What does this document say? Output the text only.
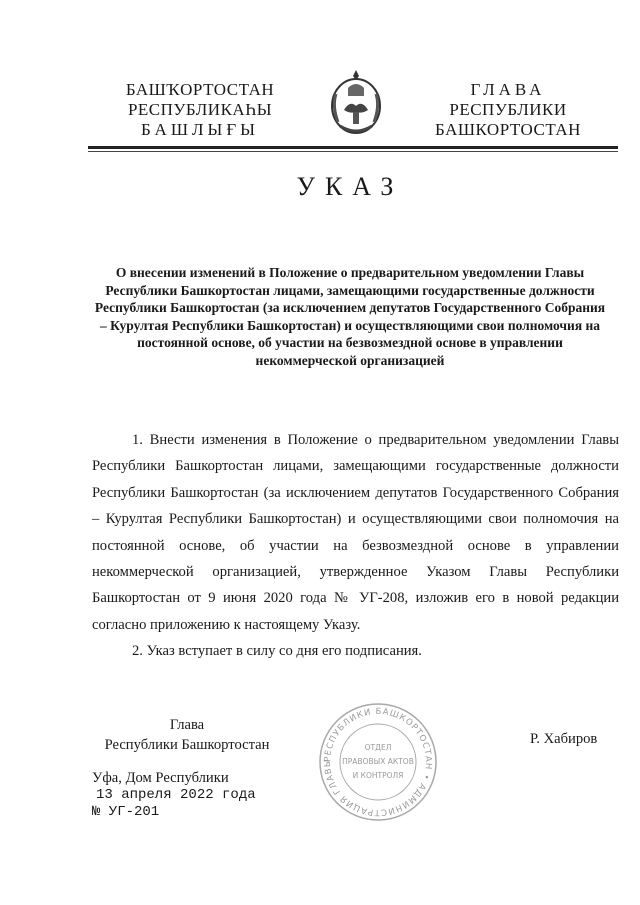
БАШҠОРТОСТАН
РЕСПУБЛИКАҺЫ
БАШЛЫҒЫ
ГЛАВА
РЕСПУБЛИКИ
БАШКОРТОСТАН
УКАЗ

О внесении изменений в Положение о предварительном уведомлении Главы Республики Башкортостан лицами, замещающими государственные должности Республики Башкортостан (за исключением депутатов Государственного Собрания – Курултая Республики Башкортостан) и осуществляющими свои полномочия на постоянной основе, об участии на безвозмездной основе в управлении некоммерческой организацией

1. Внести изменения в Положение о предварительном уведомлении Главы Республики Башкортостан лицами, замещающими государственные должности Республики Башкортостан (за исключением депутатов Государственного Собрания – Курултая Республики Башкортостан) и осуществляющими свои полномочия на постоянной основе, об участии на безвозмездной основе в управлении некоммерческой организацией, утвержденное Указом Главы Республики Башкортостан от 9 июня 2020 года № УГ-208, изложив его в новой редакции согласно приложению к настоящему Указу.

2. Указ вступает в силу со дня его подписания.

Глава
Республики Башкортостан
РЕСПУБЛИКИ БАШКОРТОСТАН • АДМИНИСТРАЦИЯ ГЛАВЫ
ОТДЕЛ
ПРАВОВЫХ АКТОВ
И КОНТРОЛЯ
Р. Хабиров
Уфа, Дом Республики
13 апреля 2022 года
№ УГ-201
